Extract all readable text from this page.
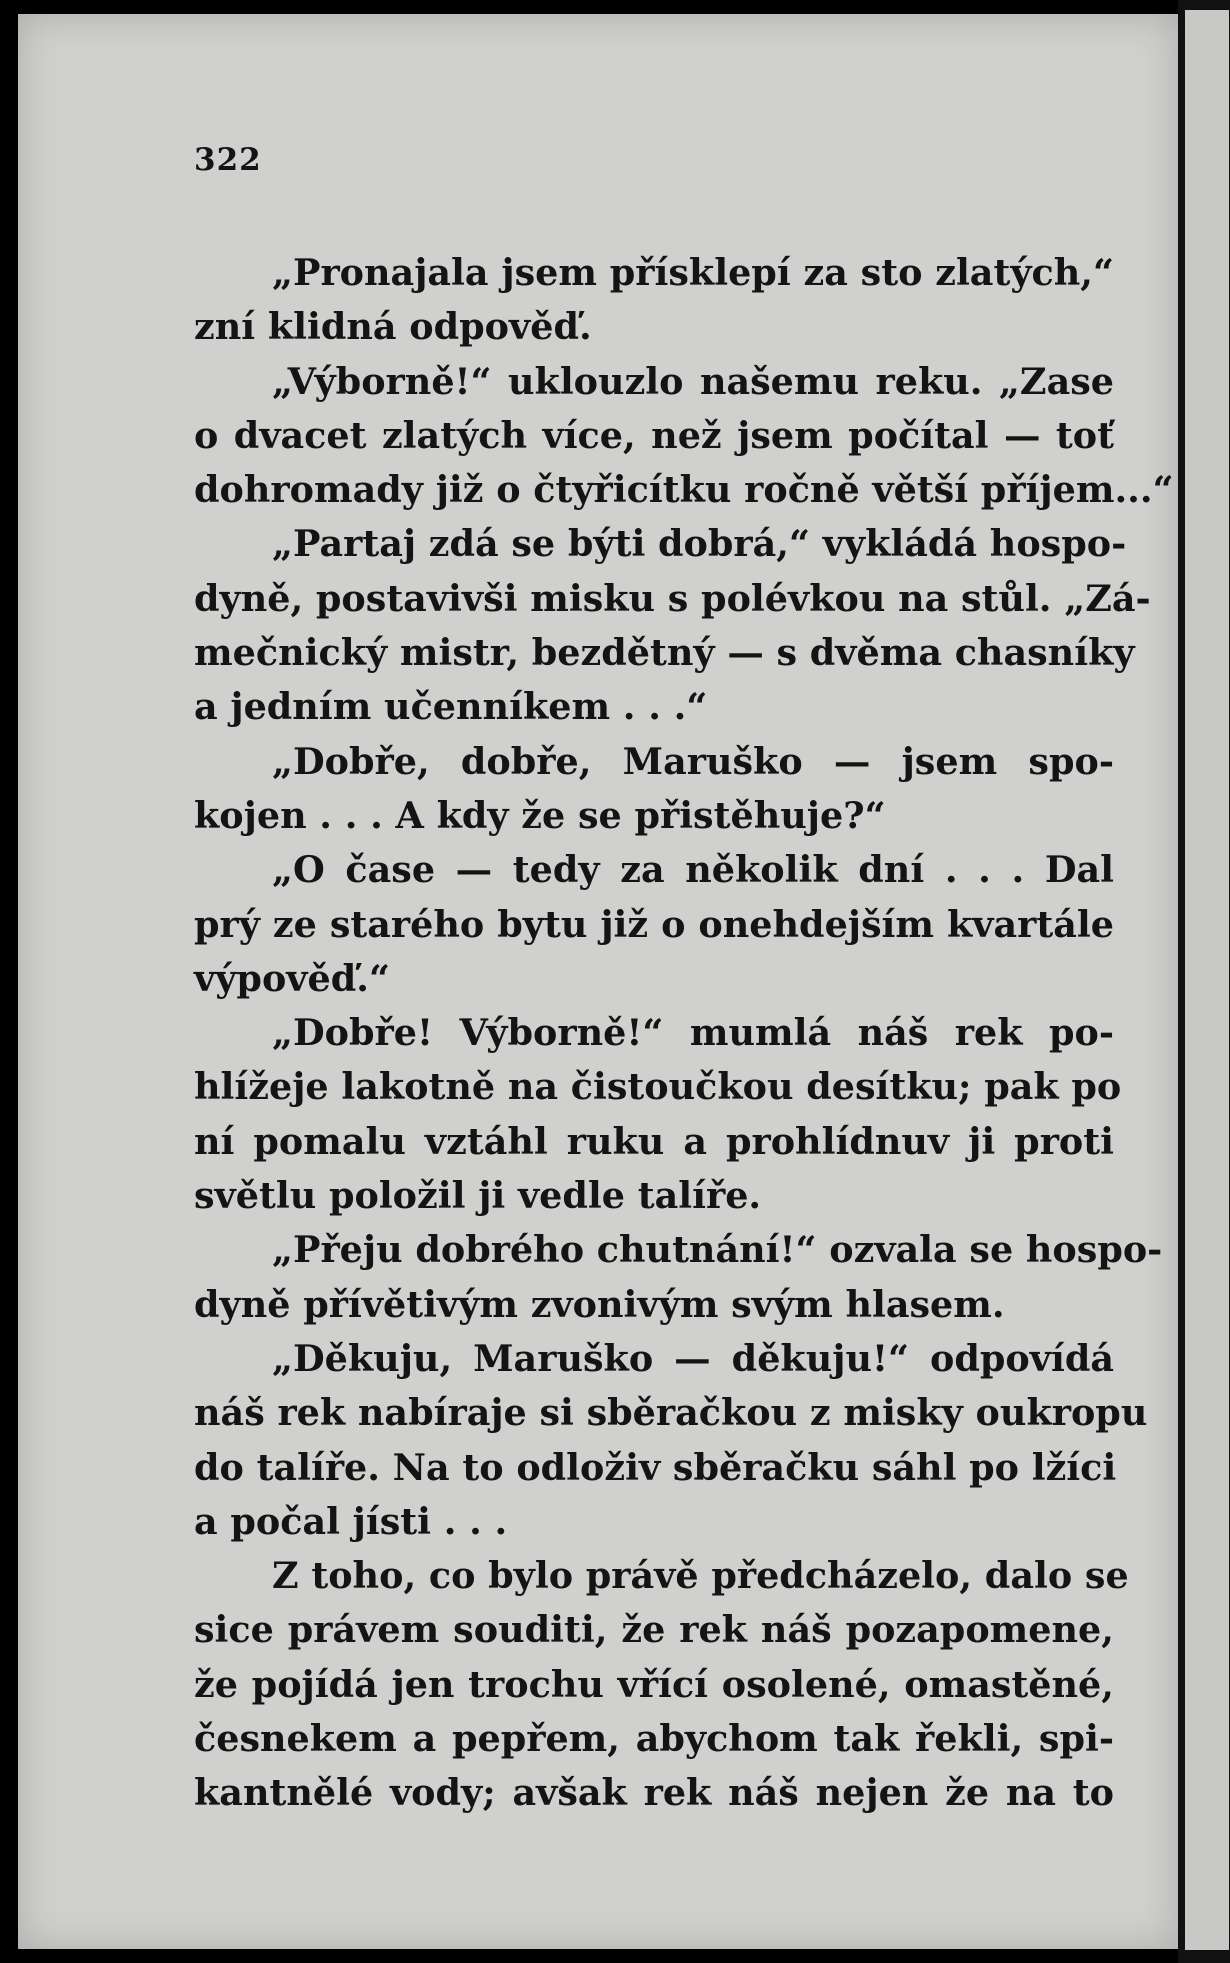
322
„Pronajala jsem přísklepí za sto zlatých,“
zní klidná odpověď.
„Výborně!“ uklouzlo našemu reku. „Zase
o dvacet zlatých více, než jsem počítal — toť
dohromady již o čtyřicítku ročně větší příjem...“
„Partaj zdá se býti dobrá,“ vykládá hospo-
dyně, postavivši misku s polévkou na stůl. „Zá-
mečnický mistr, bezdětný — s dvěma chasníky
a jedním učenníkem . . .“
„Dobře, dobře, Maruško — jsem spo-
kojen . . . A kdy že se přistěhuje?“
„O čase — tedy za několik dní . . . Dal
prý ze starého bytu již o onehdejším kvartále
výpověď.“
„Dobře! Výborně!“ mumlá náš rek po-
hlížeje lakotně na čistoučkou desítku; pak po
ní pomalu vztáhl ruku a prohlídnuv ji proti
světlu položil ji vedle talíře.
„Přeju dobrého chutnání!“ ozvala se hospo-
dyně přívětivým zvonivým svým hlasem.
„Děkuju, Maruško — děkuju!“ odpovídá
náš rek nabíraje si sběračkou z misky oukropu
do talíře. Na to odloživ sběračku sáhl po lžíci
a počal jísti . . .
Z toho, co bylo právě předcházelo, dalo se
sice právem souditi, že rek náš pozapomene,
že pojídá jen trochu vřící osolené, omastěné,
česnekem a pepřem, abychom tak řekli, spi-
kantnělé vody; avšak rek náš nejen že na to
